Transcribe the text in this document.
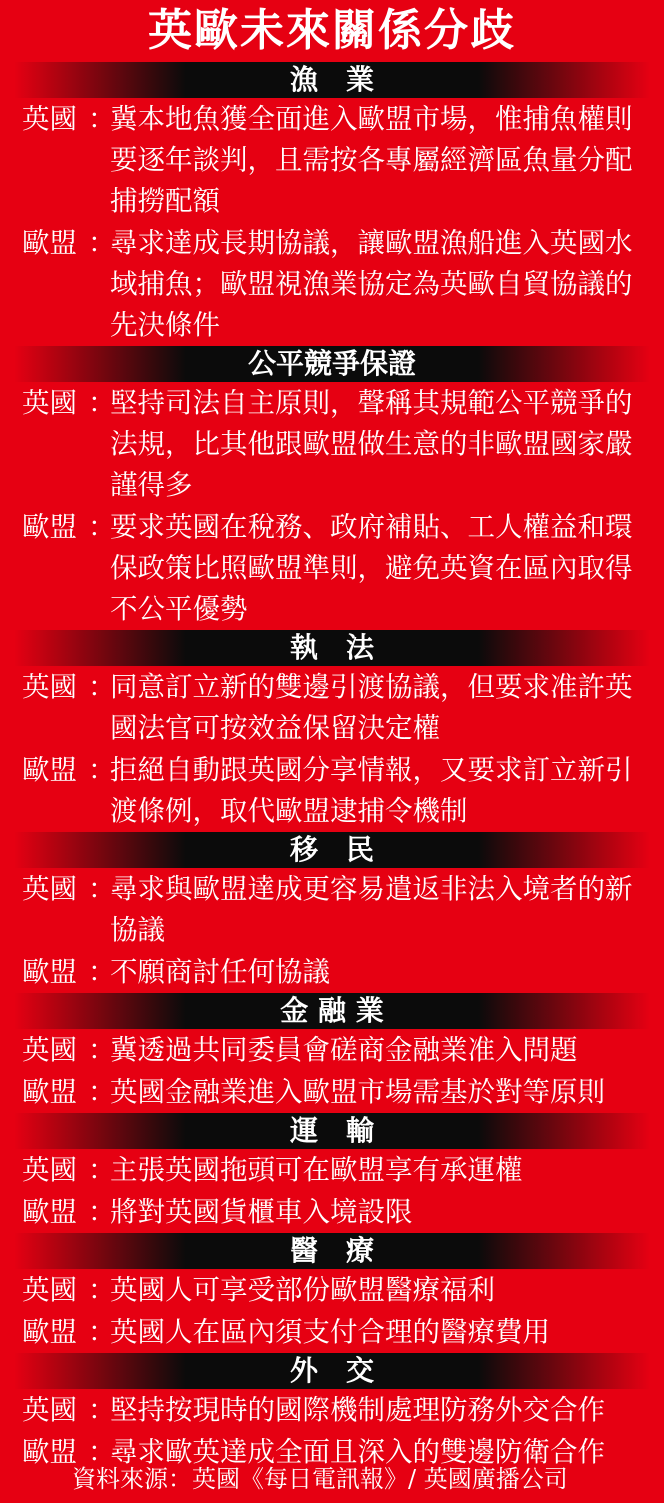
英歐未來關係分歧
漁　業
英國 ：
冀本地魚獲全面進入歐盟市場，惟捕魚權則要逐年談判，且需按各專屬經濟區魚量分配捕撈配額
歐盟 ：
尋求達成長期協議，讓歐盟漁船進入英國水域捕魚；歐盟視漁業協定為英歐自貿協議的先決條件
公平競爭保證
英國 ：
堅持司法自主原則，聲稱其規範公平競爭的法規，比其他跟歐盟做生意的非歐盟國家嚴謹得多
歐盟 ：
要求英國在稅務、政府補貼、工人權益和環保政策比照歐盟準則，避免英資在區內取得不公平優勢
執　法
英國 ：
同意訂立新的雙邊引渡協議，但要求准許英國法官可按效益保留決定權
歐盟 ：
拒絕自動跟英國分享情報，又要求訂立新引渡條例，取代歐盟逮捕令機制
移　民
英國 ：
尋求與歐盟達成更容易遣返非法入境者的新協議
歐盟 ：
不願商討任何協議
金 融 業
英國 ：
冀透過共同委員會磋商金融業准入問題
歐盟 ：
英國金融業進入歐盟市場需基於對等原則
運　輸
英國 ：
主張英國拖頭可在歐盟享有承運權
歐盟 ：
將對英國貨櫃車入境設限
醫　療
英國 ：
英國人可享受部份歐盟醫療福利
歐盟 ：
英國人在區內須支付合理的醫療費用
外　交
英國 ：
堅持按現時的國際機制處理防務外交合作
歐盟 ：
尋求歐英達成全面且深入的雙邊防衛合作
資料來源：英國《每日電訊報》/ 英國廣播公司
